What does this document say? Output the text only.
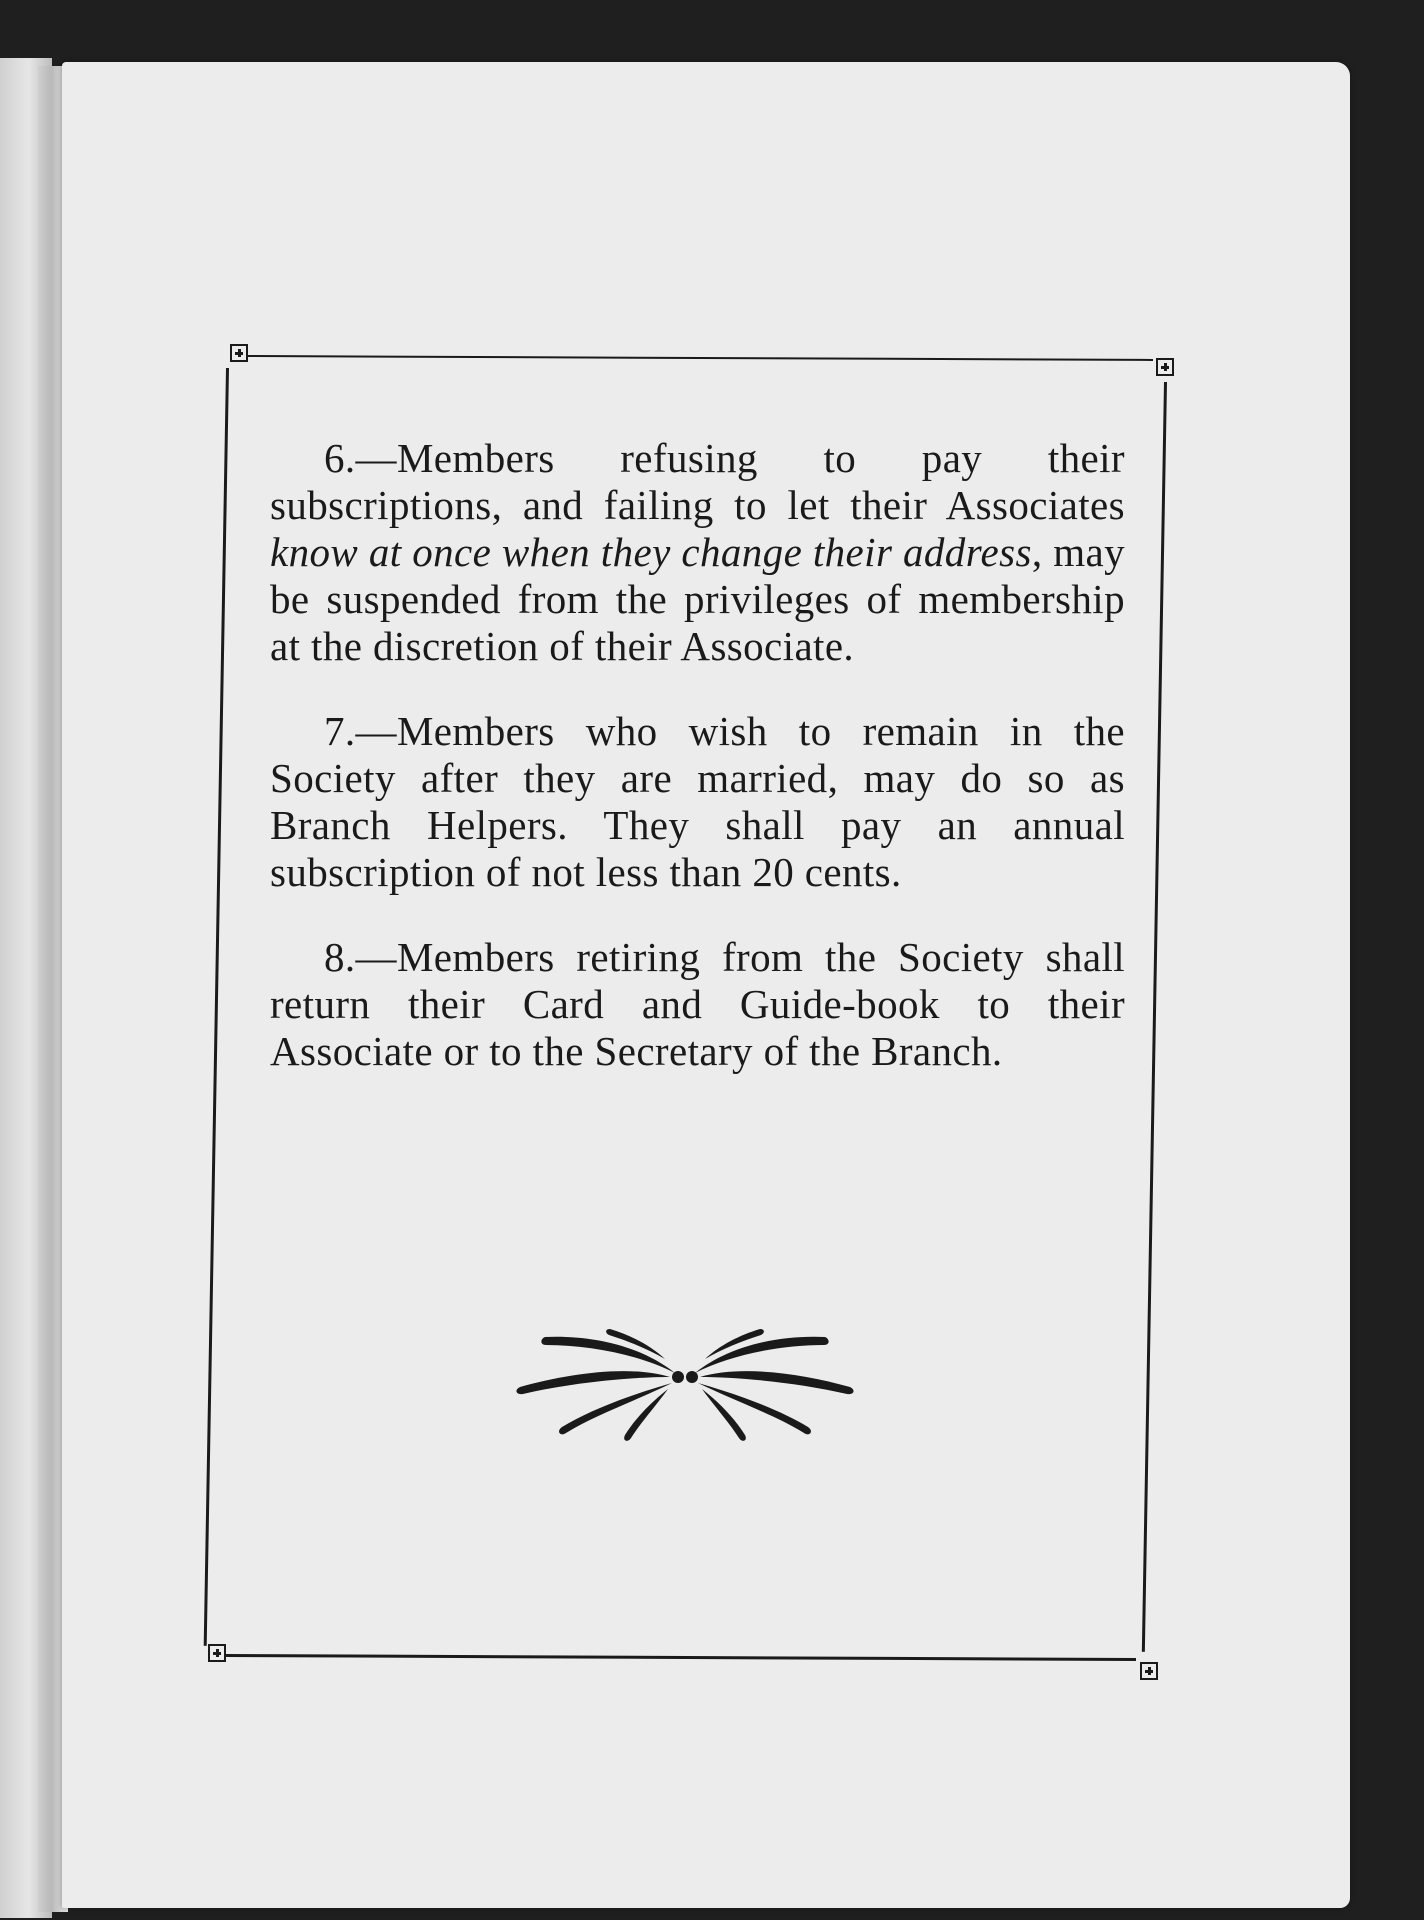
6.—Members refusing to pay their subscriptions, and failing to let their Associates know at once when they change their address, may be suspended from the privileges of membership at the discretion of their Associate.

7.—Members who wish to remain in the Society after they are married, may do so as Branch Helpers. They shall pay an annual subscription of not less than 20 cents.

8.—Members retiring from the Society shall return their Card and Guide-book to their Associate or to the Secretary of the Branch.
